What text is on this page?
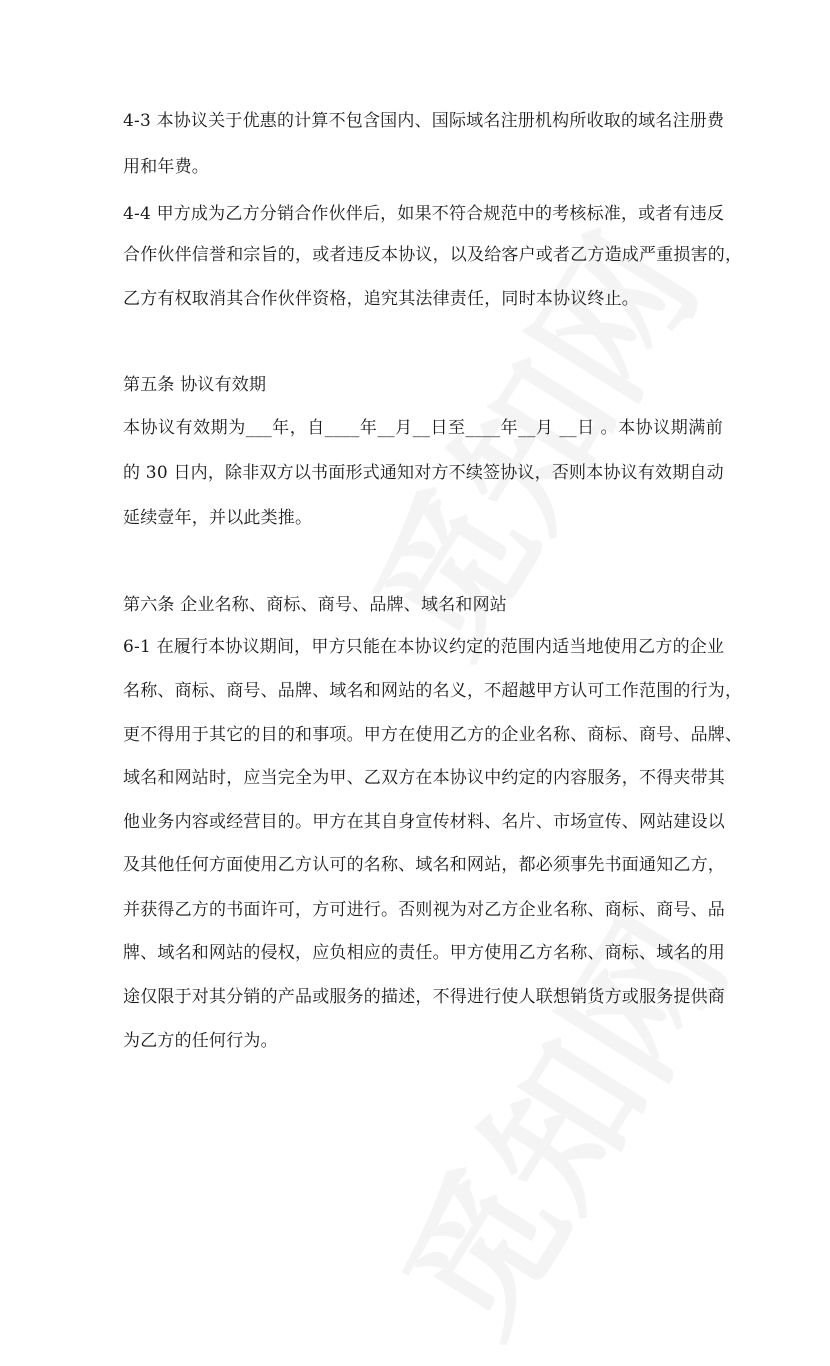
4-3 本协议关于优惠的计算不包含国内、国际域名注册机构所收取的域名注册费
用和年费。
4-4 甲方成为乙方分销合作伙伴后，如果不符合规范中的考核标准，或者有违反
合作伙伴信誉和宗旨的，或者违反本协议，以及给客户或者乙方造成严重损害的，
乙方有权取消其合作伙伴资格，追究其法律责任，同时本协议终止。
第五条 协议有效期
本协议有效期为___年，自____年__月__日至____年__月 __日 。本协议期满前
的 30 日内，除非双方以书面形式通知对方不续签协议，否则本协议有效期自动
延续壹年，并以此类推。
第六条 企业名称、商标、商号、品牌、域名和网站
6-1 在履行本协议期间，甲方只能在本协议约定的范围内适当地使用乙方的企业
名称、商标、商号、品牌、域名和网站的名义，不超越甲方认可工作范围的行为，
更不得用于其它的目的和事项。甲方在使用乙方的企业名称、商标、商号、品牌、
域名和网站时，应当完全为甲、乙双方在本协议中约定的内容服务，不得夹带其
他业务内容或经营目的。甲方在其自身宣传材料、名片、市场宣传、网站建设以
及其他任何方面使用乙方认可的名称、域名和网站，都必须事先书面通知乙方，
并获得乙方的书面许可，方可进行。否则视为对乙方企业名称、商标、商号、品
牌、域名和网站的侵权，应负相应的责任。甲方使用乙方名称、商标、域名的用
途仅限于对其分销的产品或服务的描述，不得进行使人联想销货方或服务提供商
为乙方的任何行为。
